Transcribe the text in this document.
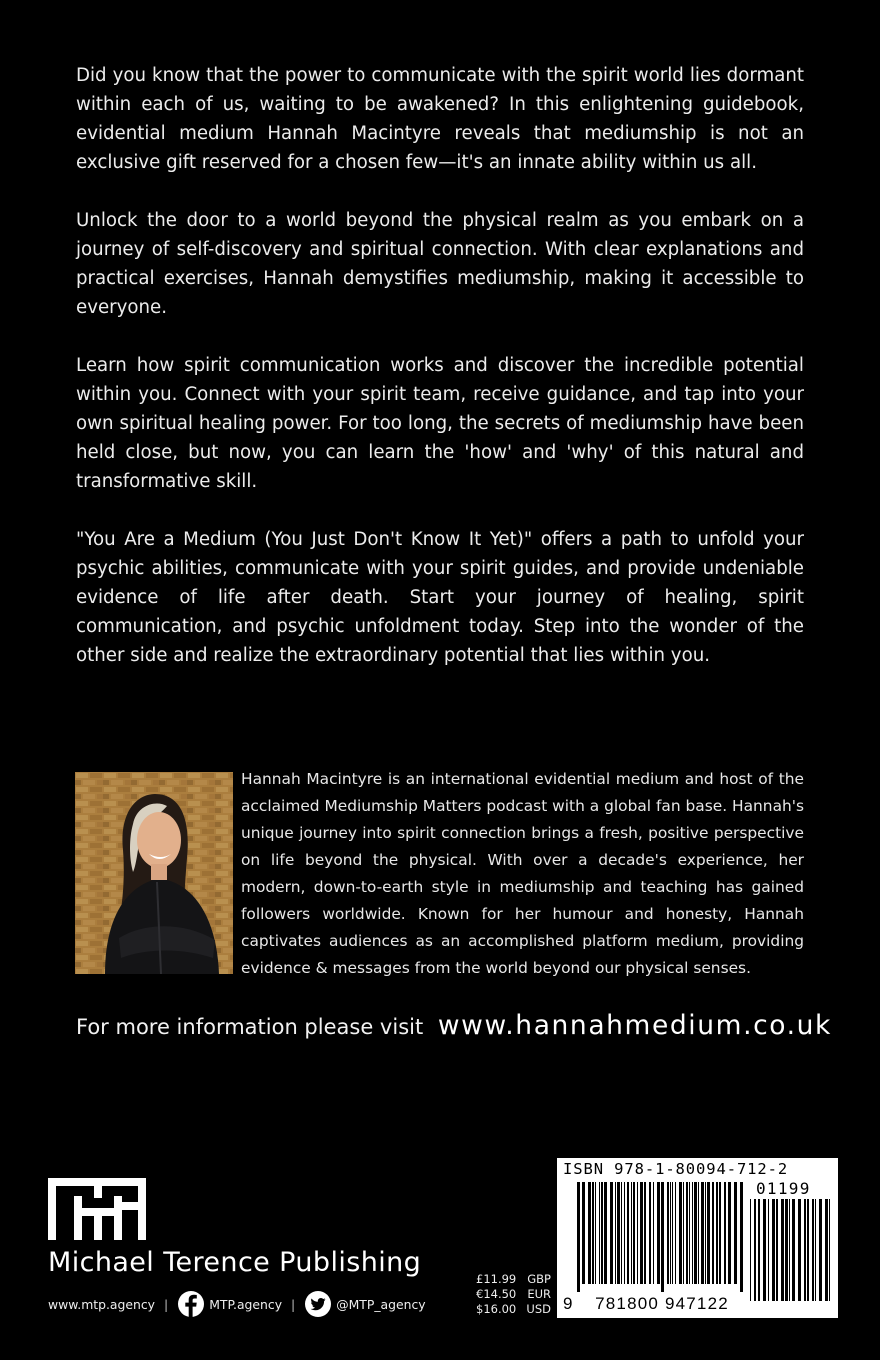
Did you know that the power to communicate with the spirit world lies dormant within each of us, waiting to be awakened? In this enlightening guidebook, evidential medium Hannah Macintyre reveals that mediumship is not an exclusive gift reserved for a chosen few—it's an innate ability within us all.

Unlock the door to a world beyond the physical realm as you embark on a journey of self-discovery and spiritual connection. With clear explanations and practical exercises, Hannah demystifies mediumship, making it accessible to everyone.

Learn how spirit communication works and discover the incredible potential within you. Connect with your spirit team, receive guidance, and tap into your own spiritual healing power. For too long, the secrets of mediumship have been held close, but now, you can learn the 'how' and 'why' of this natural and transformative skill.

"You Are a Medium (You Just Don't Know It Yet)" offers a path to unfold your psychic abilities, communicate with your spirit guides, and provide undeniable evidence of life after death. Start your journey of healing, spirit communication, and psychic unfoldment today. Step into the wonder of the other side and realize the extraordinary potential that lies within you.

Hannah Macintyre is an international evidential medium and host of the acclaimed Mediumship Matters podcast with a global fan base. Hannah's unique journey into spirit connection brings a fresh, positive perspective on life beyond the physical. With over a decade's experience, her modern, down-to-earth style in mediumship and teaching has gained followers worldwide. Known for her humour and honesty, Hannah captivates audiences as an accomplished platform medium, providing evidence & messages from the world beyond our physical senses.

For more information please visit www.hannahmedium.co.uk
Michael Terence Publishing
www.mtp.agency |	MTP.agency |	@MTP_agency
£11.99 GBP
€14.50 EUR
$16.00 USD
ISBN 978-1-80094-712-2
01199
9	781800 947122
